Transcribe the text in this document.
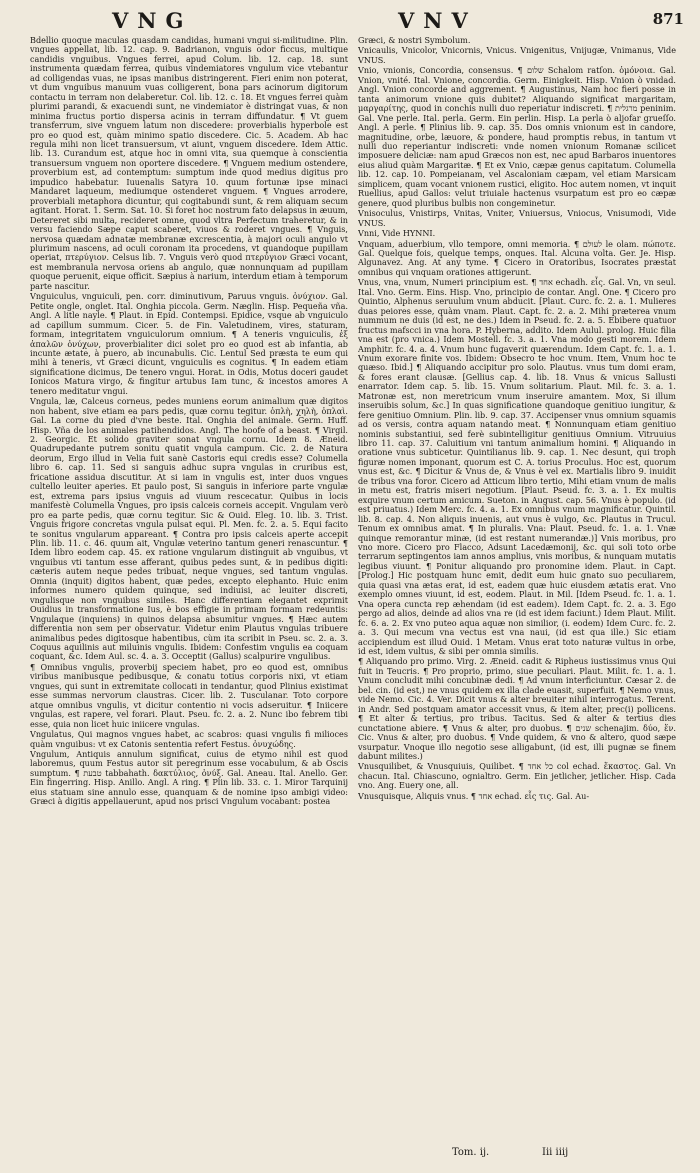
VNG	VNV	871

Bdellio quoque maculas quasdam candidas, humani vngui si-militudine. Plin. vngues appellat, lib. 12. cap. 9. Badrianon, vnguis odor ficcus, multique candidis vnguibus. Vngues ferrei, apud Colum. lib. 12. cap. 18. sunt instrumenta quædam ferrea, quibus vindemiatores vngulum vice vtebantur ad colligendas vuas, ne ipsas manibus distringerent. Fieri enim non poterat, vt dum vnguibus manuum vuas colligerent, bona pars acinorum digitorum contactu in terram non delaberetur. Col. lib. 12. c. 18. Et vngues ferrei quàm plurimi parandi, & exacuendi sunt, ne vindemiator è distringat vuas, & non minima fructus portio dispersa acinis in terram diffundatur. ¶ Vt guem transferrum, sive vnguem latum non discedere: proverbialis hyperbole est pro eo quod est, quàm minimo spatio discedere. Cic. 5. Academ. Ab hac regula mihi non licet transuersum, vt aiunt, vnguem discedere. Idem Attic. lib. 13. Curandum est, atque hoc in omni vita, sua quemque à conscientia transuersum vnguem non oportere discedere. ¶ Vnguem medium ostendere, proverbium est, ad contemptum: sumptum inde quod medius digitus pro impudico habebatur. Iuuenalis Satyra 10. quum fortunæ ipse minaci Mandaret laqueum, mediumque ostenderet vnguem. ¶ Vngues arrodere, proverbiali metaphora dicuntur, qui cogitabundi sunt, & rem aliquam secum agitant. Horat. 1. Serm. Sat. 10. Si foret hoc nostrum fato delapsus in æuum, Detereret sibi multa, recideret omne, quod vltra Perfectum traheretur, & in versu faciendo Sæpe caput scaberet, viuos & roderet vngues. ¶ Vnguis, nervosa quædam adnatæ membranæ excrescentia, à majori oculi angulo vt plurimum nascens, ad oculi coronam ita procedens, vt quandoque pupillam operiat, πτερύγιον. Celsus lib. 7. Vnguis verò quod πτερύγιον Græci vocant, est membranula nervosa oriens ab angulo, quæ nonnunquam ad pupillam quoque peruenit, eique officit. Sæpius à narium, interdum etiam à temporum parte nascitur.

Vnguiculus, vnguiculi, pen. corr. diminutivum, Paruus vnguis. ὀνύχιον. Gal. Petite ongle, onglet. Ital. Onghia piccola. Germ. Næglin. Hisp. Pequeña vña. Angl. A litle nayle. ¶ Plaut. in Epid. Contempsi. Epidice, vsque ab vnguiculo ad capillum summum. Cicer. 5. de Fin. Valetudinem, vires, staturam, formam, integritatem vnguiculorum omnium. ¶ A teneris vnguiculis, ἐξ ἁπαλῶν ὀνύχων, proverbialiter dici solet pro eo quod est ab infantia, ab incunte ætate, à puero, ab incunabulis. Cic. Lentul Sed præsta te eum qui mihi à teneris, vt Græci dicunt, vnguiculis es cognitus. ¶ In eadem etiam significatione dicimus, De tenero vngui. Horat. in Odis, Motus doceri gaudet Ionicos Matura virgo, & fingitur artubus Iam tunc, & incestos amores A tenero meditatur vngui.

Vngula, læ, Calceus corneus, pedes muniens eorum animalium quæ digitos non habent, sive etiam ea pars pedis, quæ cornu tegitur. ὁπλὴ, χηλὴ, ὁπλαὶ. Gal. La corne du pied d'vne beste. Ital. Onghia del animale. Germ. Huff. Hisp. Vña de los animales patihendidos. Angl. The hoofe of a beast. ¶ Virgil. 2. Georgic. Et solido graviter sonat vngula cornu. Idem 8. Æneid. Quadrupedante putrem sonitu quatit vngula campum. Cic. 2. de Natura deorum, Ergo illud in Velia fuit sanè Castoris equi credis esse? Columella libro 6. cap. 11. Sed si sanguis adhuc supra vngulas in cruribus est, fricatione assidua discutitur. At si iam in vngulis est, inter duos vngues cultello leuiter aperies. Et paulo post, Si sanguis in inferiore parte vngulæ est, extrema pars ipsius vnguis ad viuum rescecatur. Quibus in locis manifestè Columella Vngues, pro ipsis calceis corneis accepit. Vngulam verò pro ea parte pedis, quæ cornu tegitur. Sic & Ouid. Eleg. 10. lib. 3. Trist. Vnguis frigore concretas vngula pulsat equi. Pl. Men. fc. 2. a. 5. Equi facito te sonitus vngularum appareant. ¶ Contra pro ipsis calceis aperte accepit Plin. lib. 11. c. 46. quum ait, Vngulæ veterino tantum generi renascuntur. ¶ Idem libro eodem cap. 45. ex ratione vngularum distinguit ab vnguibus, vt vnguibus vti tantum esse afferant, quibus pedes sunt, & in pedibus digiti: cæteris autem neque pedes tribuat, neque vngues, sed tantum vngulas. Omnia (inquit) digitos habent, quæ pedes, excepto elephanto. Huic enim informes numero quidem quinque, sed indiuisi, ac leuiter discreti, vngulisque non vnguibus similes. Hanc differentiam elegantet exprimit Ouidius in transformatione Ius, è bos effigie in primam formam redeuntis: Vngulaque (inquiens) in quinos delapsa absumitur vngues. ¶ Hæc autem differentia non sem per observatur. Videtur enim Plautus vngulas tribuere animalibus pedes digitosque habentibus, cùm ita scribit in Pseu. sc. 2. a. 3. Coquus aquilinis aut miluinis vngulis. Ibidem: Confestim vngulis ea coquam coquant, &c. Idem Aul. sc. 4. a. 3. Occeptit (Gallus) scalpurire vngulibus.

¶ Omnibus vngulis, proverbij speciem habet, pro eo quod est, omnibus viribus manibusque pedibusque, & conatu totius corporis nixi, vt etiam vngues, qui sunt in extremitate collocati in tendantur, quod Plinius existimat esse summas nervorum claustras. Cicer. lib. 2. Tusculanar. Toto corpore atque omnibus vngulis, vt dicitur contentio ni vocis adseruitur. ¶ Iniicere vngulas, est rapere, vel forari. Plaut. Pseu. fc. 2. a. 2. Nunc ibo febrem tibi esse, quia non licet huic iniicere vngulas.

Vngulatus, Qui magnos vngues habet, ac scabros: quasi vngulis fi milioces quàm vnguibus: vt ex Catonis sententia refert Festus. ὀνυχώδης.

Vngulum, Antiquis annulum significat, cuius de etymo nihil est quod laboremus, quum Festus autor sit peregrinum esse vocabulum, & ab Oscis sumptum. ¶ טבעת tabbahath. δακτύλιος, ὀνύξ. Gal. Aneau. Ital. Anello. Ger. Ein fingerring. Hisp. Anillo. Angl. A ring. ¶ Plin lib. 33. c. 1. Miror Tarquinij eius statuam sine annulo esse, quanquam & de nomine ipso ambigi video: Græci à digitis appellauerunt, apud nos prisci Vngulum vocabant: postea

Græci, & nostri Symbolum.

Vnicaulis, Vnicolor, Vnicornis, Vnicus. Vnigenitus, Vnijugæ, Vnimanus, Vide VNUS.

Vnio, vnionis, Concordia, consensus. ¶ שלום Schalom ratſon. ὁμόνοια. Gal. Vnion, vnité. Ital. Vnione, concordia. Germ. Einigkeit. Hisp. Vnion ò vnidad. Angl. Vnion concorde and aggrement. ¶ Augustinus, Nam hoc fieri posse in tanta animorum vnione quis dubitet? Aliquando significat margaritam, μαργαρίτης, quod in conchis nulli duo reperiatur indiscreti. ¶ מרגלית peninim. Gal. Vne perle. Ital. perla. Germ. Ein perlin. Hisp. La perla ò aljofar grueſſo. Angl. A perle. ¶ Plinius lib. 9. cap. 35. Dos omnis vnionum est in candore, magnitudine, orbe, læuore, & pondere, haud promptis rebus, in tantum vt nulli duo reperiantur indiscreti: vnde nomen vnionum Romanæ scilicet imposuere deliciæ: nam apud Græcos non est, nec apud Barbaros inuentores eius aliud quàm Margaritæ. ¶ Et ex Vnio, cæpæ genus capitatum. Columella lib. 12. cap. 10. Pompeianam, vel Ascaloniam cæpam, vel etiam Marsicam simplicem, quam vocant vnionem rustici, eligito. Hoc autem nomen, vt inquit Ruellius, apud Gallos: velut triuiale hactenus vsurpatum est pro eo cæpæ genere, quod pluribus bulbis non congeminetur.

Vnisoculus, Vnistirps, Vnitas, Vniter, Vniuersus, Vniocus, Vnisumodi, Vide VNUS.

Vnni, Vide HYNNI.

Vnquam, aduerbium, vllo tempore, omni memoria. ¶ לעולם le olam. πώποτε. Gal. Quelque fois, quelque temps, onques. Ital. Alcuna volta. Ger. Je. Hisp. Algunavez. Ang. At any tyme. ¶ Cicero in Oratoribus, Isocrates præstat omnibus qui vnquam orationes attigerunt.

Vnus, vna, vnum, Numeri principium est. ¶ אחד echadh. εἷς. Gal. Vn, vn seul. Ital. Vno. Germ. Eins. Hisp. Vno, principio de contar. Angl. One. ¶ Cicero pro Quintio, Alphenus seruulum vnum abducit. [Plaut. Curc. fc. 2. a. 1. Mulieres duas peiores esse, quàm vnam. Plaut. Capt. fc. 2. a. 2. Mihi præterea vnum nummum ne duis (id est, ne des.) Idem in Pseud. fc. 2. a. 5. Ebibere quatuor fructus mafscci in vna hora. P. Hyberna, addito. Idem Aulul. prolog. Huic filia vna est (pro vnica.) Idem Mostell. fc. 3. a. 1. Vna modo gesti morem. Idem Amphitr. fc. 4. a. 4. Vnum hunc fugaverit quærendum. Idem Capt. fc. 1. a. 1. Vnum exorare finite vos. Ibidem: Obsecro te hoc vnum. Item, Vnum hoc te quæso. Ibid.] ¶ Aliquando accipitur pro solo. Plautus. vnus tum domi eram, & fores erant clausæ. [Gellius cap. 4. lib. 18. Vnus & vnicus Sallusti enarrator. Idem cap. 5. lib. 15. Vnum solitarium. Plaut. Mil. fc. 3. a. 1. Matronæ est, non meretricum vnum inseruire amantem. Mox, Si illum inseruibis solum, &c.] In quas significatione quandoque genitiuo iungitur, & fere genitiuo Omnium. Plin. lib. 9. cap. 37. Accipenser vnus omnium squamis ad os versis, contra aquam natando meat. ¶ Nonnunquam etiam genitiuo nominis substantiui, sed ferè subintelligitur genitiuus Omnium. Vitruuius libro 11. cap. 37. Caluitium vni tantum animalium homini. ¶ Aliquando in oratione vnus subticetur. Quintilianus lib. 9. cap. 1. Nec desunt, qui troph figuræ nomen imponant, quorum est C. A. torius Proculus. Hoc est, quorum vnus est, &c. ¶ Dicitur & Vnus de, & Vnus è vel ex. Martialis libro 9. inuidit de tribus vna foror. Cicero ad Atticum libro tertio, Mihi etiam vnum de malis in metu est, fratris miseri negotium. [Plaut. Pseud. fc. 3. a. 1. Ex multis exquire vnum certum amicum. Sueton. in August. cap. 56. Vnus è populo. (id est priuatus.) Idem Merc. fc. 4. a. 1. Ex omnibus vnum magnificatur. Quintil. lib. 8. cap. 4. Non aliquis inuenis, aut vnus è vulgo, &c. Plautus in Trucul. Tenum ex omnibus amat. ¶ In pluralis. Vna: Plaut. Pseud. fc. 1. a. 1. Vnæ quinque remorantur minæ, (id est restant numerandæ.)] Vnis moribus, pro vno more. Cicero pro Flacco, Adsunt Lacedæmonij, &c. qui soli toto orbe terrarum septingentos iam annos amplius, vnis moribus, & nunquam mutatis legibus viuunt. ¶ Ponitur aliquando pro pronomine idem. Plaut. in Capt. [Prolog.] Hic postquam hunc emit, dedit eum huic gnato suo peculiarem, quia quasi vna ætas erat, id est, eadem quæ huic eiusdem ætatis erat. Vno exemplo omnes viuunt, id est, eodem. Plaut. in Mil. [Idem Pseud. fc. 1. a. 1. Vna opera cuncta rep æhendam (id est eadem). Idem Capt. fc. 2. a. 3. Ego pergo ad alios, deinde ad alios vna re (id est idem faciunt.) Idem Plaut. Milit. fc. 6. a. 2. Ex vno puteo aqua aquæ non similior, (i. eodem) Idem Curc. fc. 2. a. 3. Qui mecum vna vectus est vna naui, (id est qua ille.) Sic etiam accipiendum est illud Ouid. 1 Metam. Vnus erat toto naturæ vultus in orbe, id est, idem vultus, & sibi per omnia similis.

¶ Aliquando pro primo. Virg. 2. Æneid. cadit & Ripheus iustissimus vnus Qui fuit in Teucris. ¶ Pro proprio, primo, siue peculiari. Plaut. Milit. fc. 1. a. 1. Vnum concludit mihi concubinæ dedi. ¶ Ad vnum interficiuntur. Cæsar 2. de bel. cin. (id est,) ne vnus quidem ex illa clade euasit, superfuit. ¶ Nemo vnus, vide Nemo. Cic. 4. Ver. Dicit vnus & alter breuiter nihil interrogatus. Terent. in Andr. Sed postquam amator accessit vnus, & item alter, prec(i) pollicens. ¶ Et alter & tertius, pro tribus. Tacitus. Sed & alter & tertius dies cunctatione abiere. ¶ Vnus & alter, pro duobus. ¶ שנים schenajim. δύο, ἕν. Cic. Vnus & alter, pro duobus. ¶ Vnde quidem, & vno & altero, quod sæpe vsurpatur. Vnoque illo negotio sese alligabunt, (id est, illi pugnæ se finem dabunt milites.)

Vnusquilibet, & Vnusquiuis, Quilibet. ¶ כל אחד col echad. ἕκαστος. Gal. Vn chacun. Ital. Chiascuno, ognialtro. Germ. Ein jetlicher, jetlicher. Hisp. Cada vno. Ang. Euery one, all.

Vnusquisque, Aliquis vnus. ¶ אחד echad. εἷς τις. Gal. Au-

Tom. ij.	Iii iiij
